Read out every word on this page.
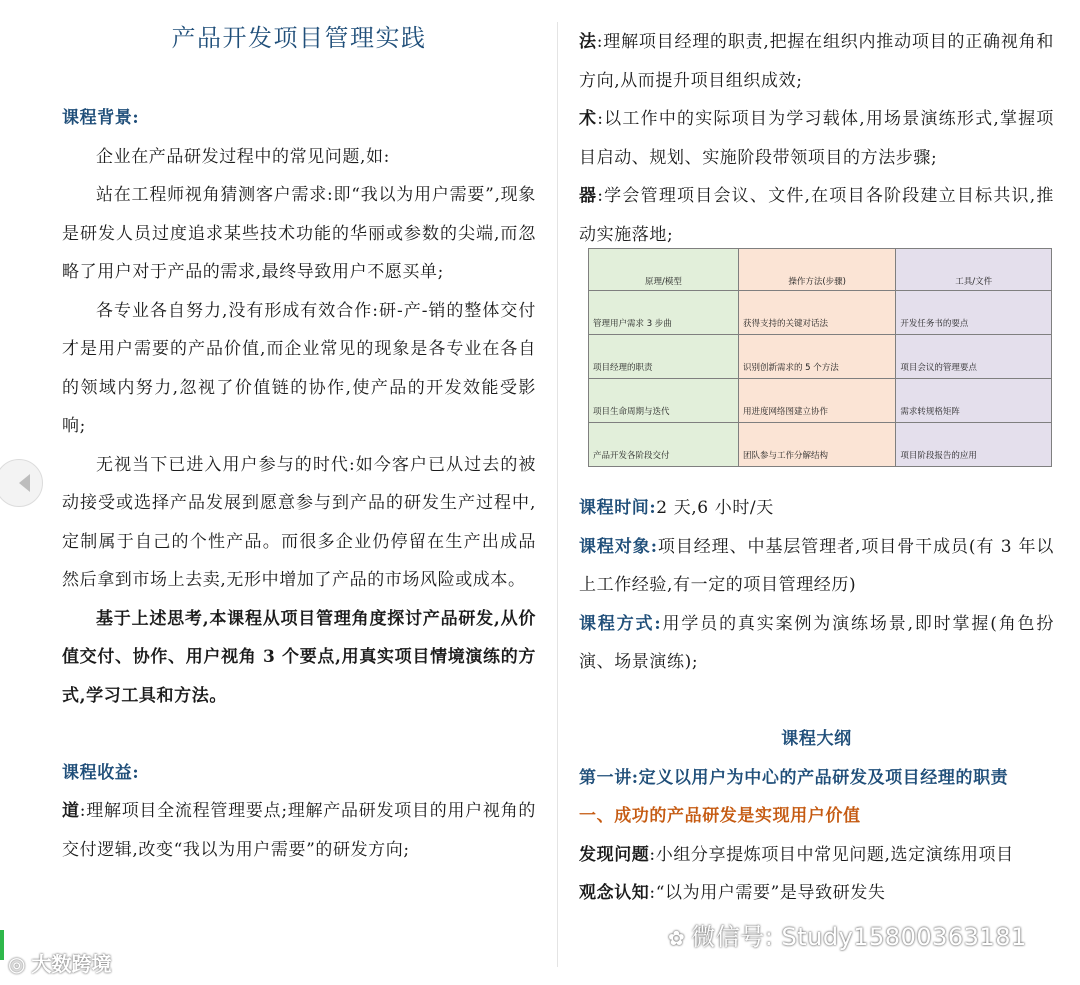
产品开发项目管理实践

课程背景:

企业在产品研发过程中的常见问题,如:

站在工程师视角猜测客户需求:即“我以为用户需要”,现象是研发人员过度追求某些技术功能的华丽或参数的尖端,而忽略了用户对于产品的需求,最终导致用户不愿买单;

各专业各自努力,没有形成有效合作:研-产-销的整体交付才是用户需要的产品价值,而企业常见的现象是各专业在各自的领域内努力,忽视了价值链的协作,使产品的开发效能受影响;

无视当下已进入用户参与的时代:如今客户已从过去的被动接受或选择产品发展到愿意参与到产品的研发生产过程中,定制属于自己的个性产品。而很多企业仍停留在生产出成品然后拿到市场上去卖,无形中增加了产品的市场风险或成本。

基于上述思考,本课程从项目管理角度探讨产品研发,从价值交付、协作、用户视角 3 个要点,用真实项目情境演练的方式,学习工具和方法。

课程收益:

道:理解项目全流程管理要点;理解产品研发项目的用户视角的交付逻辑,改变“我以为用户需要”的研发方向;

法:理解项目经理的职责,把握在组织内推动项目的正确视角和方向,从而提升项目组织成效;

术:以工作中的实际项目为学习载体,用场景演练形式,掌握项目启动、规划、实施阶段带领项目的方法步骤;

器:学会管理项目会议、文件,在项目各阶段建立目标共识,推动实施落地;

原理/模型	操作方法(步骤)	工具/文件
管理用户需求 3 步曲	获得支持的关键对话法	开发任务书的要点
项目经理的职责	识别创新需求的 5 个方法	项目会议的管理要点
项目生命周期与迭代	用进度网络图建立协作	需求转规格矩阵
产品开发各阶段交付	团队参与工作分解结构	项目阶段报告的应用

课程时间:2 天,6 小时/天

课程对象:项目经理、中基层管理者,项目骨干成员(有 3 年以上工作经验,有一定的项目管理经历)

课程方式:用学员的真实案例为演练场景,即时掌握(角色扮演、场景演练);

课程大纲

第一讲:定义以用户为中心的产品研发及项目经理的职责

一、成功的产品研发是实现用户价值

发现问题:小组分享提炼项目中常见问题,选定演练用项目

观念认知:“以为用户需要”是导致研发失

◎ 大数跨境
✿ 微信号: Study15800363181
